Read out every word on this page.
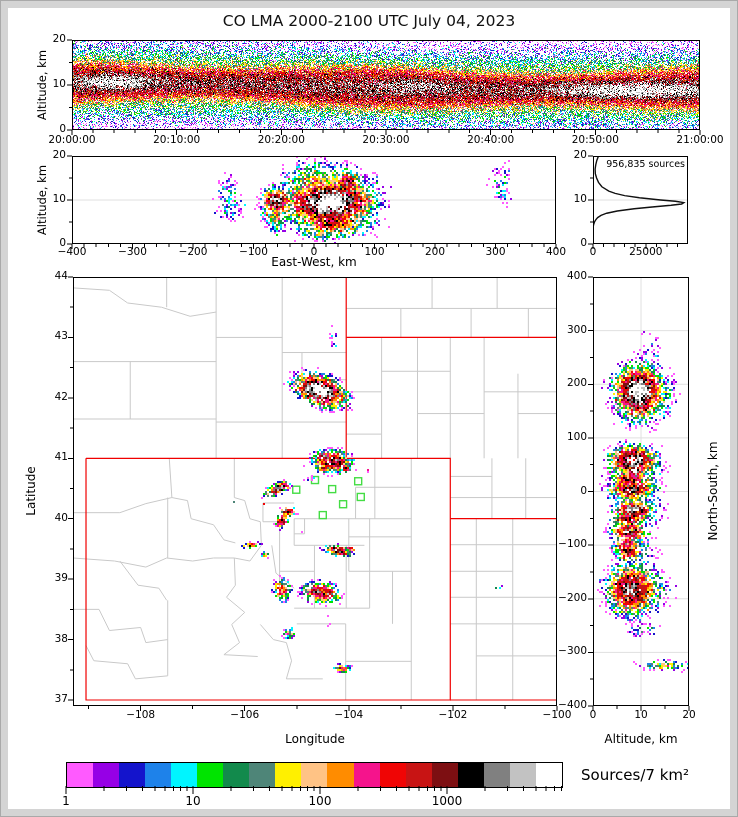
CO LMA 2000-2100 UTC July 04, 2023
Altitude, km
Altitude, km
East-West, km
Latitude
Longitude	Altitude, km
North-South, km
956,835 sources
Sources/7 km²
20:00:00	20:10:00	20:20:00	20:30:00	20:40:00	20:50:00	21:00:00
0
10
20
−400	−300	−200	−100	0	100	200	300	400
0
10
20
0	25000
0
10
20
−108	−106	−104	−102	−100
37
38
39
40
41
42
43
44
0	10	20
400
300
200
100
0
−100
−200
−300
−400
1	10	100	1000
